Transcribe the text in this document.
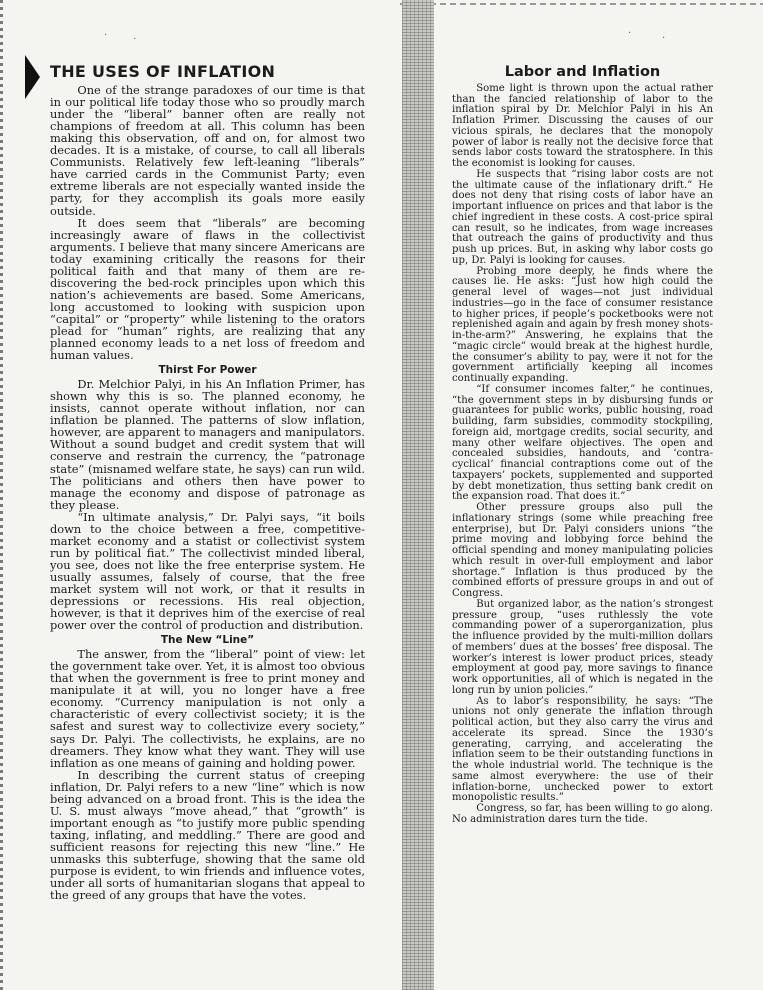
·	·
·	·
THE USES OF INFLATION

One of the strange paradoxes of our time is that in our political life today those who so proudly march under the “liberal” banner often are really not champions of freedom at all. This column has been making this observation, off and on, for almost two decades. It is a mistake, of course, to call all liberals Communists. Relatively few left-leaning “liberals” have carried cards in the Communist Party; even extreme liberals are not especially wanted inside the party, for they accomplish its goals more easily outside.

It does seem that “liberals” are becoming increasingly aware of flaws in the collectivist arguments. I believe that many sincere Americans are today examining critically the reasons for their political faith and that many of them are re-discovering the bed-rock principles upon which this nation’s achievements are based. Some Americans, long accustomed to looking with suspicion upon “capital” or “property” while listening to the orators plead for “human” rights, are realizing that any planned economy leads to a net loss of freedom and human values.

Thirst For Power

Dr. Melchior Palyi, in his An Inflation Primer, has shown why this is so. The planned economy, he insists, cannot operate without inflation, nor can inflation be planned. The patterns of slow inflation, however, are apparent to managers and manipulators. Without a sound budget and credit system that will conserve and restrain the currency, the “patronage state” (misnamed welfare state, he says) can run wild. The politicians and others then have power to manage the economy and dispose of patronage as they please.

“In ultimate analysis,” Dr. Palyi says, “it boils down to the choice between a free, competitive-market economy and a statist or collectivist system run by political fiat.” The collectivist minded liberal, you see, does not like the free enterprise system. He usually assumes, falsely of course, that the free market system will not work, or that it results in depressions or recessions. His real objection, however, is that it deprives him of the exercise of real power over the control of production and distribution.

The New “Line”

The answer, from the “liberal” point of view: let the government take over. Yet, it is almost too obvious that when the government is free to print money and manipulate it at will, you no longer have a free economy. “Currency manipulation is not only a characteristic of every collectivist society; it is the safest and surest way to collectivize every society,” says Dr. Palyi. The collectivists, he explains, are no dreamers. They know what they want. They will use inflation as one means of gaining and holding power.

In describing the current status of creeping inflation, Dr. Palyi refers to a new “line” which is now being advanced on a broad front. This is the idea the U. S. must always “move ahead,” that “growth” is important enough as “to justify more public spending taxing, inflating, and meddling.” There are good and sufficient reasons for rejecting this new “line.” He unmasks this subterfuge, showing that the same old purpose is evident, to win friends and influence votes, under all sorts of humanitarian slogans that appeal to the greed of any groups that have the votes.

Labor and Inflation

Some light is thrown upon the actual rather than the fancied relationship of labor to the inflation spiral by Dr. Melchior Palyi in his An Inflation Primer. Discussing the causes of our vicious spirals, he declares that the monopoly power of labor is really not the decisive force that sends labor costs toward the stratosphere. In this the economist is looking for causes.

He suspects that “rising labor costs are not the ultimate cause of the inflationary drift.” He does not deny that rising costs of labor have an important influence on prices and that labor is the chief ingredient in these costs. A cost-price spiral can result, so he indicates, from wage increases that outreach the gains of productivity and thus push up prices. But, in asking why labor costs go up, Dr. Palyi is looking for causes.

Probing more deeply, he finds where the causes lie. He asks: “Just how high could the general level of wages—not just individual industries—go in the face of consumer resistance to higher prices, if people’s pocketbooks were not replenished again and again by fresh money shots-in-the-arm?” Answering, he explains that the “magic circle” would break at the highest hurdle, the consumer’s ability to pay, were it not for the government artificially keeping all incomes continually expanding.

“If consumer incomes falter,” he continues, “the government steps in by disbursing funds or guarantees for public works, public housing, road building, farm subsidies, commodity stockpiling, foreign aid, mortgage credits, social security, and many other welfare objectives. The open and concealed subsidies, handouts, and ‘contra-cyclical’ financial contraptions come out of the taxpayers’ pockets, supplemented and supported by debt monetization, thus setting bank credit on the expansion road. That does it.”

Other pressure groups also pull the inflationary strings (some while preaching free enterprise), but Dr. Palyi considers unions “the prime moving and lobbying force behind the official spending and money manipulating policies which result in over-full employment and labor shortage.” Inflation is thus produced by the combined efforts of pressure groups in and out of Congress.

But organized labor, as the nation’s strongest pressure group, “uses ruthlessly the vote commanding power of a superorganization, plus the influence provided by the multi-million dollars of members’ dues at the bosses’ free disposal. The worker’s interest is lower product prices, steady employment at good pay, more savings to finance work opportunities, all of which is negated in the long run by union policies.”

As to labor’s responsibility, he says: “The unions not only generate the inflation through political action, but they also carry the virus and accelerate its spread. Since the 1930’s generating, carrying, and accelerating the inflation seem to be their outstanding functions in the whole industrial world. The technique is the same almost everywhere: the use of their inflation-borne, unchecked power to extort monopolistic results.”

Congress, so far, has been willing to go along. No administration dares turn the tide.
